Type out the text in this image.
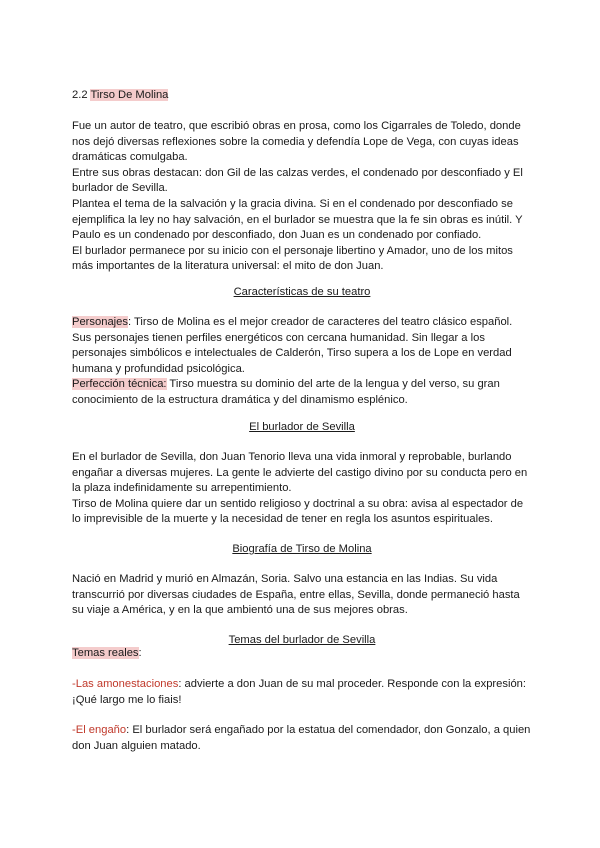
2.2 Tirso De Molina

Fue un autor de teatro, que escribió obras en prosa, como los Cigarrales de Toledo, donde nos dejó diversas reflexiones sobre la comedia y defendía Lope de Vega, con cuyas ideas dramáticas comulgaba.

Entre sus obras destacan: don Gil de las calzas verdes, el condenado por desconfiado y El burlador de Sevilla.

Plantea el tema de la salvación y la gracia divina. Si en el condenado por desconfiado se ejemplifica la ley no hay salvación, en el burlador se muestra que la fe sin obras es inútil. Y Paulo es un condenado por desconfiado, don Juan es un condenado por confiado.

El burlador permanece por su inicio con el personaje libertino y Amador, uno de los mitos más importantes de la literatura universal: el mito de don Juan.

Características de su teatro

Personajes: Tirso de Molina es el mejor creador de caracteres del teatro clásico español. Sus personajes tienen perfiles energéticos con cercana humanidad. Sin llegar a los personajes simbólicos e intelectuales de Calderón, Tirso supera a los de Lope en verdad humana y profundidad psicológica.

Perfección técnica: Tirso muestra su dominio del arte de la lengua y del verso, su gran conocimiento de la estructura dramática y del dinamismo esplénico.

El burlador de Sevilla

En el burlador de Sevilla, don Juan Tenorio lleva una vida inmoral y reprobable, burlando engañar a diversas mujeres. La gente le advierte del castigo divino por su conducta pero en la plaza indefinidamente su arrepentimiento.

Tirso de Molina quiere dar un sentido religioso y doctrinal a su obra: avisa al espectador de lo imprevisible de la muerte y la necesidad de tener en regla los asuntos espirituales.

Biografía de Tirso de Molina

Nació en Madrid y murió en Almazán, Soria. Salvo una estancia en las Indias. Su vida transcurrió por diversas ciudades de España, entre ellas, Sevilla, donde permaneció hasta su viaje a América, y en la que ambientó una de sus mejores obras.

Temas del burlador de Sevilla
Temas reales:

-Las amonestaciones: advierte a don Juan de su mal proceder. Responde con la expresión: ¡Qué largo me lo fiais!

-El engaño: El burlador será engañado por la estatua del comendador, don Gonzalo, a quien don Juan alguien matado.
